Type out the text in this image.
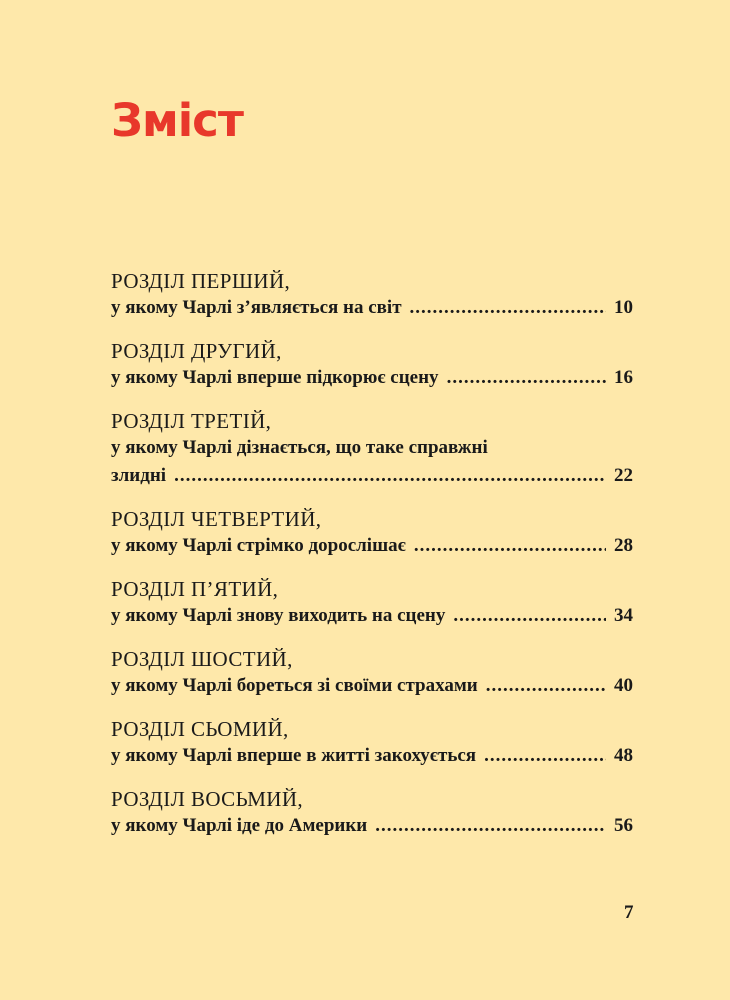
Зміст
РОЗДІЛ ПЕРШИЙ,
у якому Чарлі з’являється на світ .....	10
РОЗДІЛ ДРУГИЙ,
у якому Чарлі вперше підкорює сцену .....	16
РОЗДІЛ ТРЕТІЙ,
у якому Чарлі дізнається, що таке справжні
злидні .....	22
РОЗДІЛ ЧЕТВЕРТИЙ,
у якому Чарлі стрімко дорослішає .....	28
РОЗДІЛ П’ЯТИЙ,
у якому Чарлі знову виходить на сцену .....	34
РОЗДІЛ ШОСТИЙ,
у якому Чарлі бореться зі своїми страхами .....	40
РОЗДІЛ СЬОМИЙ,
у якому Чарлі вперше в житті закохується .....	48
РОЗДІЛ ВОСЬМИЙ,
у якому Чарлі іде до Америки .....	56
7
